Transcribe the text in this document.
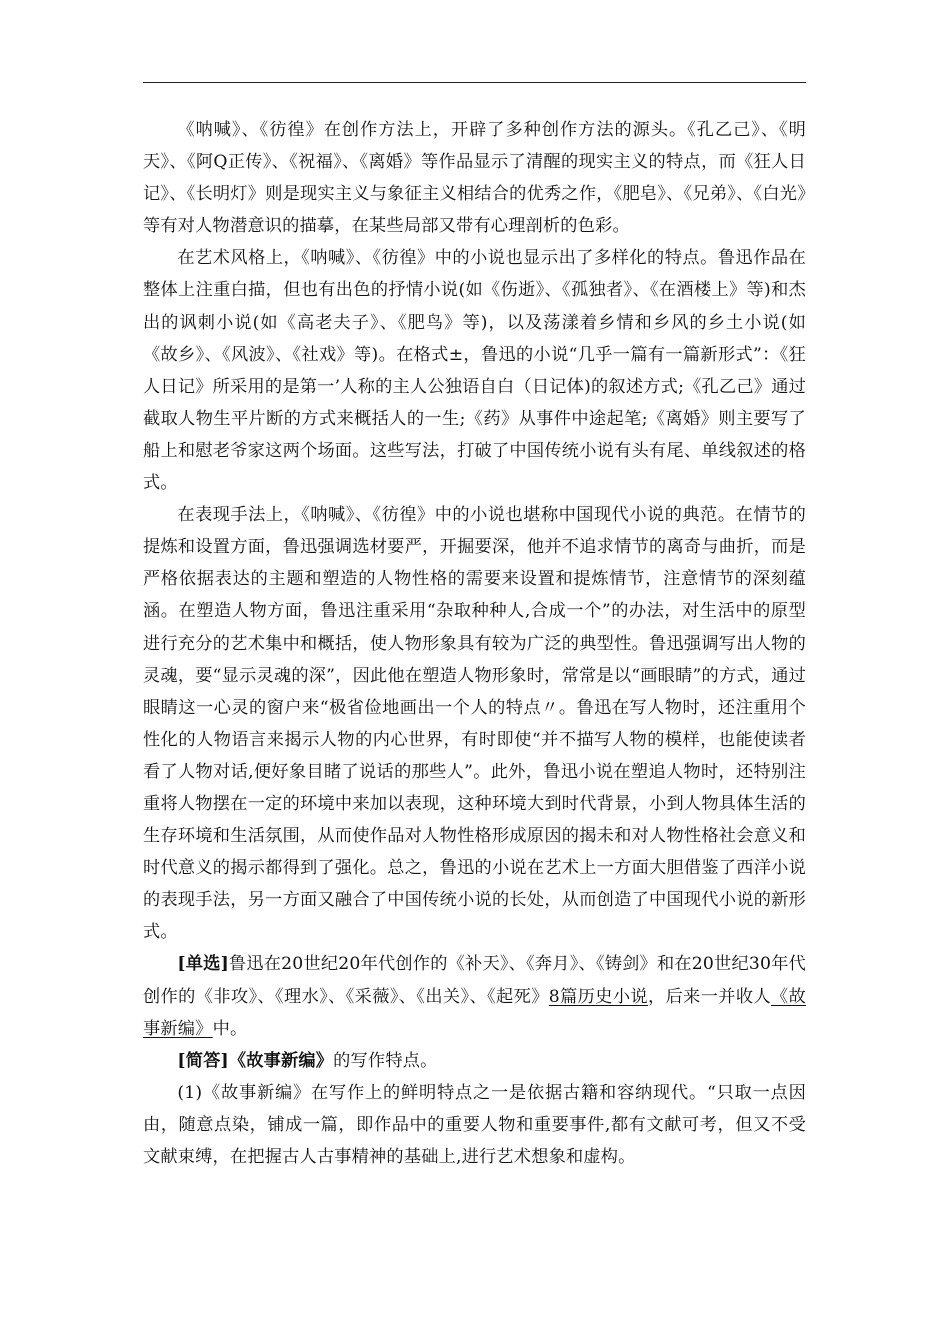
《呐喊》、《彷徨》在创作方法上，开辟了多种创作方法的源头。《孔乙己》、《明天》、《阿Q正传》、《祝福》、《离婚》等作品显示了清醒的现实主义的特点，而《狂人日记》、《长明灯》则是现实主义与象征主义相结合的优秀之作，《肥皂》、《兄弟》、《白光》等有对人物潜意识的描摹，在某些局部又带有心理剖析的色彩。

在艺术风格上，《呐喊》、《彷徨》中的小说也显示出了多样化的特点。鲁迅作品在整体上注重白描，但也有出色的抒情小说(如《伤逝》、《孤独者》、《在酒楼上》等)和杰出的讽刺小说(如《高老夫子》、《肥鸟》等)，以及荡漾着乡情和乡风的乡土小说(如《故乡》、《风波》、《社戏》等)。在格式±，鲁迅的小说“几乎一篇有一篇新形式”：《狂人日记》所采用的是第一’人称的主人公独语自白（日记体)的叙述方式;《孔乙己》通过截取人物生平片断的方式来概括人的一生;《药》从事件中途起笔;《离婚》则主要写了船上和慰老爷家这两个场面。这些写法，打破了中国传统小说有头有尾、单线叙述的格式。

在表现手法上，《呐喊》、《彷徨》中的小说也堪称中国现代小说的典范。在情节的提炼和设置方面，鲁迅强调选材要严，开掘要深，他并不追求情节的离奇与曲折，而是严格依据表达的主题和塑造的人物性格的需要来设置和提炼情节，注意情节的深刻蕴涵。在塑造人物方面，鲁迅注重采用“杂取种种人,合成一个”的办法，对生活中的原型进行充分的艺术集中和概括，使人物形象具有较为广泛的典型性。鲁迅强调写出人物的灵魂，要“显示灵魂的深”，因此他在塑造人物形象时，常常是以“画眼睛”的方式，通过眼睛这一心灵的窗户来“极省俭地画出一个人的特点〃。鲁迅在写人物时，还注重用个性化的人物语言来揭示人物的内心世界，有时即使“并不描写人物的模样，也能使读者看了人物对话,便好象目睹了说话的那些人”。此外，鲁迅小说在塑追人物时，还特别注重将人物摆在一定的环境中来加以表现，这种环境大到时代背景，小到人物具体生活的生存环境和生活氛围，从而使作品对人物性格形成原因的揭未和对人物性格社会意义和时代意义的揭示都得到了强化。总之，鲁迅的小说在艺术上一方面大胆借鉴了西洋小说的表现手法，另一方面又融合了中国传统小说的长处，从而创造了中国现代小说的新形式。

[单选]鲁迅在20世纪20年代创作的《补天》、《奔月》、《铸剑》和在20世纪30年代创作的《非攻》、《理水》、《采薇》、《出关》、《起死》8篇历史小说，后来一并收人《故事新编》中。

[简答]《故事新编》的写作特点。

(1)《故事新编》在写作上的鲜明特点之一是依据古籍和容纳现代。“只取一点因由，随意点染，铺成一篇，即作品中的重要人物和重要事件,都有文献可考，但又不受文献束缚，在把握古人古事精神的基础上,进行艺术想象和虚构。
